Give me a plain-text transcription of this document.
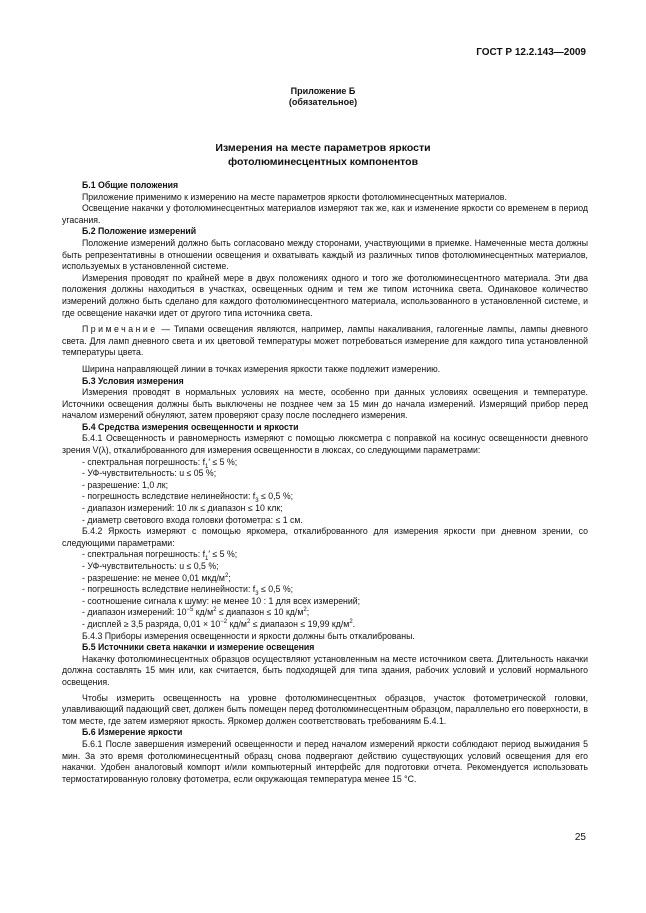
ГОСТ Р 12.2.143—2009
Приложение Б
(обязательное)
Измерения на месте параметров яркости
фотолюминесцентных компонентов

Б.1 Общие положения

Приложение применимо к измерению на месте параметров яркости фотолюминесцентных материалов.

Освещение накачки у фотолюминесцентных материалов измеряют так же, как и изменение яркости со временем в период угасания.

Б.2 Положение измерений

Положение измерений должно быть согласовано между сторонами, участвующими в приемке. Намеченные места должны быть репрезентативны в отношении освещения и охватывать каждый из различных типов фотолюминесцентных материалов, используемых в установленной системе.

Измерения проводят по крайней мере в двух положениях одного и того же фотолюминесцентного материала. Эти два положения должны находиться в участках, освещенных одним и тем же типом источника света. Одинаковое количество измерений должно быть сделано для каждого фотолюминесцентного материала, использованного в установленной системе, и где освещение накачки идет от другого типа источника света.

Примечание — Типами освещения являются, например, лампы накаливания, галогенные лампы, лампы дневного света. Для ламп дневного света и их цветовой температуры может потребоваться измерение для каждого типа установленной температуры цвета.

Ширина направляющей линии в точках измерения яркости также подлежит измерению.

Б.3 Условия измерения

Измерения проводят в нормальных условиях на месте, особенно при данных условиях освещения и температуре. Источники освещения должны быть выключены не позднее чем за 15 мин до начала измерений. Измерящий прибор перед началом измерений обнуляют, затем проверяют сразу после последнего измерения.

Б.4 Средства измерения освещенности и яркости

Б.4.1 Освещенность и равномерность измеряют с помощью люксметра с поправкой на косинус освещенности дневного зрения V(λ), откалиброванного для измерения освещенности в люксах, со следующими параметрами:

- спектральная погрешность: $f_1' \le 5$ %;

- УФ-чувствительность: u ≤ 05 %;

- разрешение: 1,0 лк;

- погрешность вследствие нелинейности: $f_3 \le 0,5$ %;

- диапазон измерений: 10 лк ≤ диапазон ≤ 10 клк;

- диаметр светового входа головки фотометра: ≤ 1 см.

Б.4.2 Яркость измеряют с помощью яркомера, откалиброванного для измерения яркости при дневном зрении, со следующими параметрами:

- спектральная погрешность: $f_1' \le 5$ %;

- УФ-чувствительность: u ≤ 0,5 %;

- разрешение: не менее 0,01 мкд/$м^2$;

- погрешность вследствие нелинейности: $f_3 \le 0,5$ %;

- соотношение сигнала к шуму: не менее 10 : 1 для всех измерений;

- диапазон измерений: $10^{-5}$ $кд/м^2$ ≤ диапазон ≤ 10 $кд/м^2$;

- дисплей ≥ 3,5 разряда, $0,01 \times 10^{-2}$ $кд/м^2$ ≤ диапазон ≤ 19,99 $кд/м^2$.

Б.4.3 Приборы измерения освещенности и яркости должны быть откалиброваны.

Б.5 Источники света накачки и измерение освещения

Накачку фотолюминесцентных образцов осуществляют установленным на месте источником света. Длительность накачки должна составлять 15 мин или, как считается, быть подходящей для типа здания, рабочих условий и условий нормального освещения.

Чтобы измерить освещенность на уровне фотолюминесцентных образцов, участок фотометрической головки, улавливающий падающий свет, должен быть помещен перед фотолюминесцентным образцом, параллельно его поверхности, в том месте, где затем измеряют яркость. Яркомер должен соответствовать требованиям Б.4.1.

Б.6 Измерение яркости

Б.6.1 После завершения измерений освещенности и перед началом измерений яркости соблюдают период выжидания 5 мин. За это время фотолюминесцентный образц снова подвергают действию существующих условий освещения для его накачки. Удобен аналоговый компорт и/или компьютерный интерфейс для подготовки отчета. Рекомендуется использовать термостатированную головку фотометра, если окружающая температура менее 15 °С.

25
